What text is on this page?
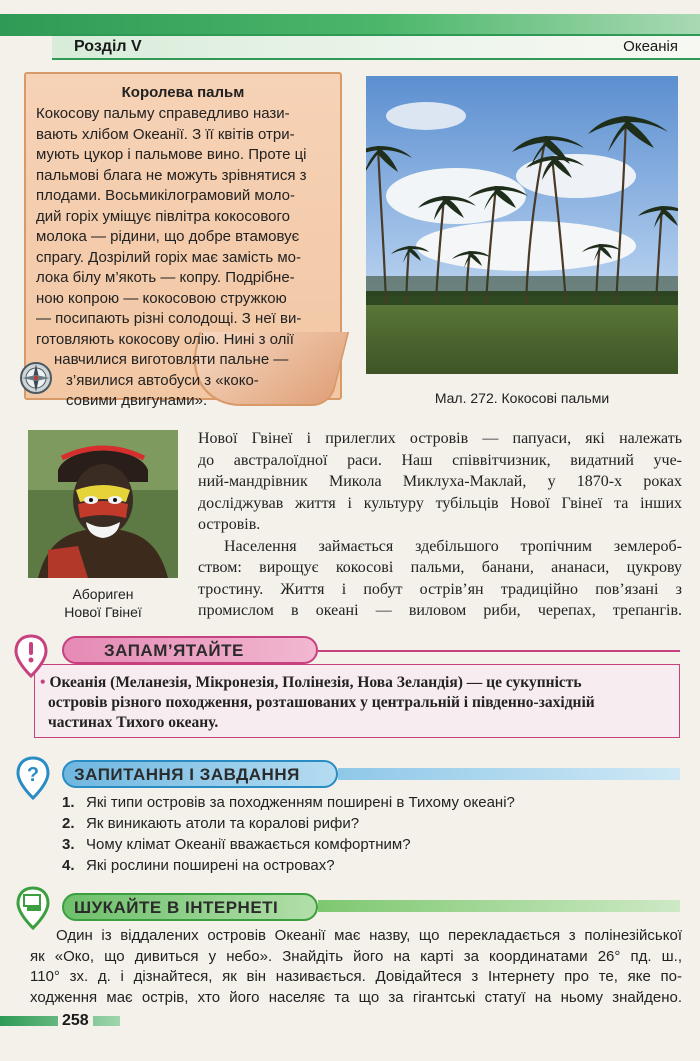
Розділ V	Океанія
Королева пальм
Кокосову пальму справедливо нази-
вають хлібом Океанії. З її квітів отри-
мують цукор і пальмове вино. Проте ці
пальмові блага не можуть зрівнятися з
плодами. Восьмикілограмовий моло-
дий горіх уміщує півлітра кокосового
молока — рідини, що добре втамовує
спрагу. Дозрілий горіх має замість мо-
лока білу м’якоть — копру. Подрібне-
ною копрою — кокосовою стружкою
— посипають різні солодощі. З неї ви-
готовляють кокосову олію. Нині з олії
навчилися виготовляти пальне —
з’явилися автобуси з «коко-
совими двигунами».	Мал. 272. Кокосові пальми
Абориген
Нової Гвінеї
Нової Гвінеї і прилеглих островів — папуаси, які належать
до австралоїдної раси. Наш співвітчизник, видатний уче-
ний-мандрівник Микола Миклуха-Маклай, у 1870-х роках
досліджував життя і культуру тубільців Нової Гвінеї та інших
островів.
Населення займається здебільшого тропічним землероб-
ством: вирощує кокосові пальми, банани, ананаси, цукрову
тростину. Життя і побут острів’ян традиційно пов’язані з
промислом в океані — виловом риби, черепах, трепангів.
ЗАПАМ’ЯТАЙТЕ
• Океанія (Меланезія, Мікронезія, Полінезія, Нова Зеландія) — це сукупність
островів різного походження, розташованих у центральній і південно-західній
частинах Тихого океану.
ЗАПИТАННЯ І ЗАВДАННЯ
?
1. Які типи островів за походженням поширені в Тихому океані?
2. Як виникають атоли та коралові рифи?
3. Чому клімат Океанії вважається комфортним?
4. Які рослини поширені на островах?
ШУКАЙТЕ В ІНТЕРНЕТІ
Один із віддалених островів Океанії має назву, що перекладається з полінезійської
як «Око, що дивиться у небо». Знайдіть його на карті за координатами 26° пд. ш.,
110° зх. д. і дізнайтеся, як він називається. Довідайтеся з Інтернету про те, яке по-
ходження має острів, хто його населяє та що за гігантські статуї на ньому знайдено.
258
